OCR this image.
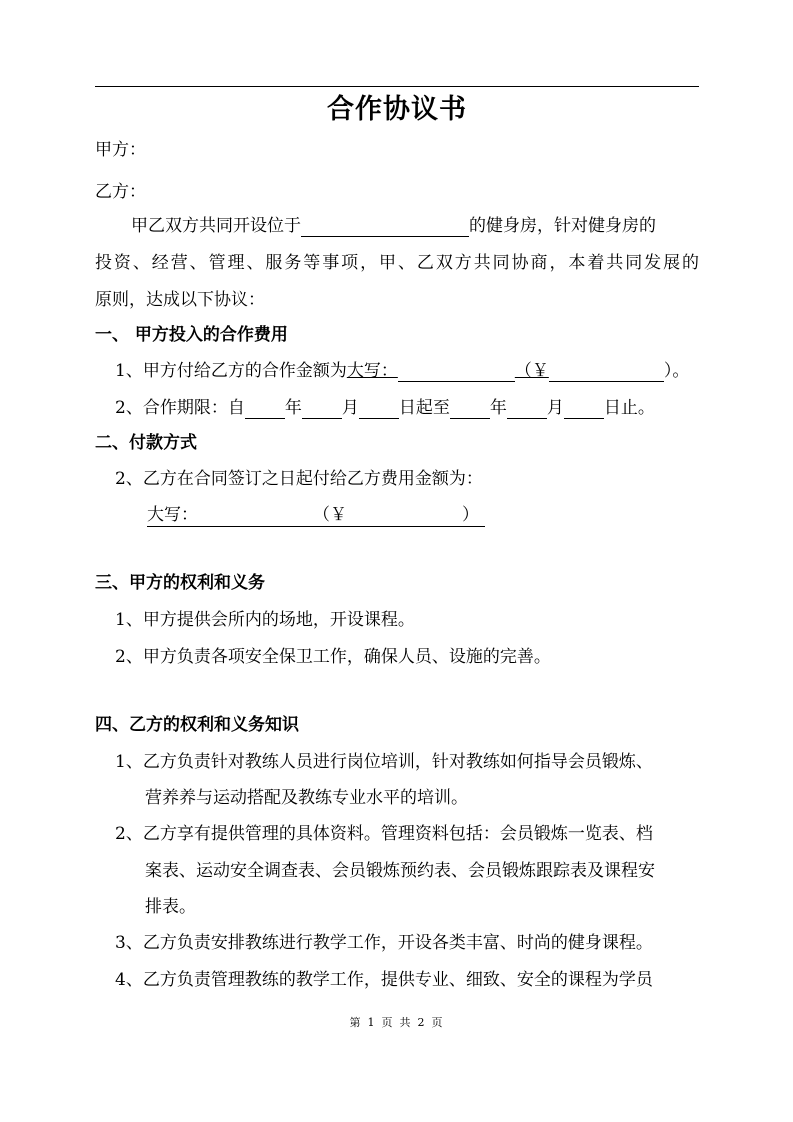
合作协议书
甲方：
乙方：
甲乙双方共同开设位于	的健身房，针对健身房的
投资、经营、管理、服务等事项，甲、乙双方共同协商，本着共同发展的
原则，达成以下协议：
一、 甲方投入的合作费用
1、甲方付给乙方的合作金额为大写：	（￥	）。
2、合作期限：自 年 月 日起至 年 月 日止。
二、付款方式
2、乙方在合同签订之日起付给乙方费用金额为：
大写：	（￥	）
三、甲方的权利和义务
1、甲方提供会所内的场地，开设课程。
2、甲方负责各项安全保卫工作，确保人员、设施的完善。
四、乙方的权利和义务知识
1、乙方负责针对教练人员进行岗位培训，针对教练如何指导会员锻炼、
营养养与运动搭配及教练专业水平的培训。
2、乙方享有提供管理的具体资料。管理资料包括：会员锻炼一览表、档
案表、运动安全调查表、会员锻炼预约表、会员锻炼跟踪表及课程安
排表。
3、乙方负责安排教练进行教学工作，开设各类丰富、时尚的健身课程。
4、乙方负责管理教练的教学工作，提供专业、细致、安全的课程为学员
第 1 页 共 2 页
